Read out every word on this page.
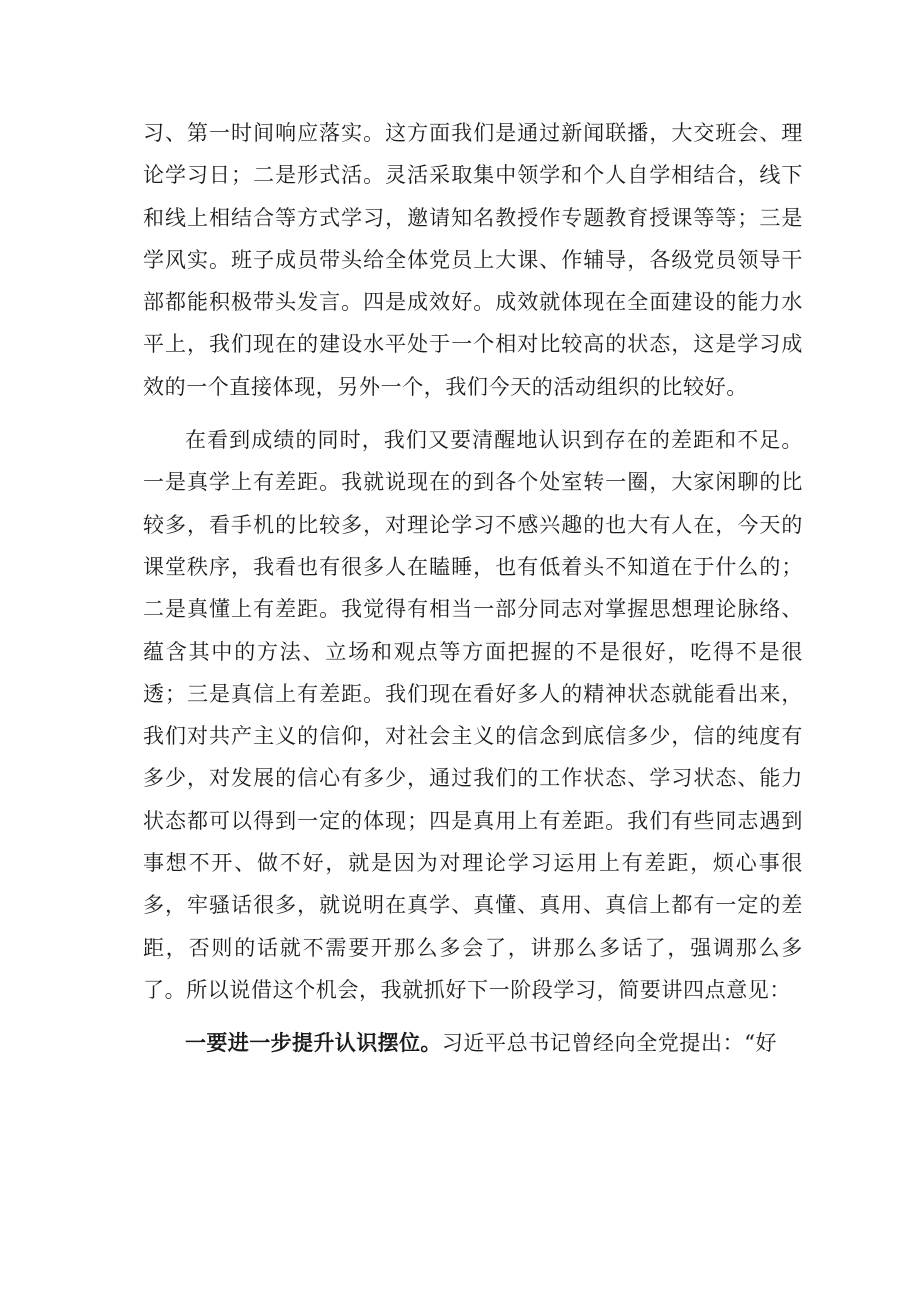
习、第一时间响应落实。这方面我们是通过新闻联播，大交班会、理论学习日；二是形式活。灵活采取集中领学和个人自学相结合，线下和线上相结合等方式学习，邀请知名教授作专题教育授课等等；三是学风实。班子成员带头给全体党员上大课、作辅导，各级党员领导干部都能积极带头发言。四是成效好。成效就体现在全面建设的能力水平上，我们现在的建设水平处于一个相对比较高的状态，这是学习成效的一个直接体现，另外一个，我们今天的活动组织的比较好。

在看到成绩的同时，我们又要清醒地认识到存在的差距和不足。一是真学上有差距。我就说现在的到各个处室转一圈，大家闲聊的比较多，看手机的比较多，对理论学习不感兴趣的也大有人在，今天的课堂秩序，我看也有很多人在瞌睡，也有低着头不知道在于什么的；二是真懂上有差距。我觉得有相当一部分同志对掌握思想理论脉络、蕴含其中的方法、立场和观点等方面把握的不是很好，吃得不是很透；三是真信上有差距。我们现在看好多人的精神状态就能看出来，我们对共产主义的信仰，对社会主义的信念到底信多少，信的纯度有多少，对发展的信心有多少，通过我们的工作状态、学习状态、能力状态都可以得到一定的体现；四是真用上有差距。我们有些同志遇到事想不开、做不好，就是因为对理论学习运用上有差距，烦心事很多，牢骚话很多，就说明在真学、真懂、真用、真信上都有一定的差距，否则的话就不需要开那么多会了，讲那么多话了，强调那么多了。所以说借这个机会，我就抓好下一阶段学习，简要讲四点意见：

一要进一步提升认识摆位。习近平总书记曾经向全党提出：“好
